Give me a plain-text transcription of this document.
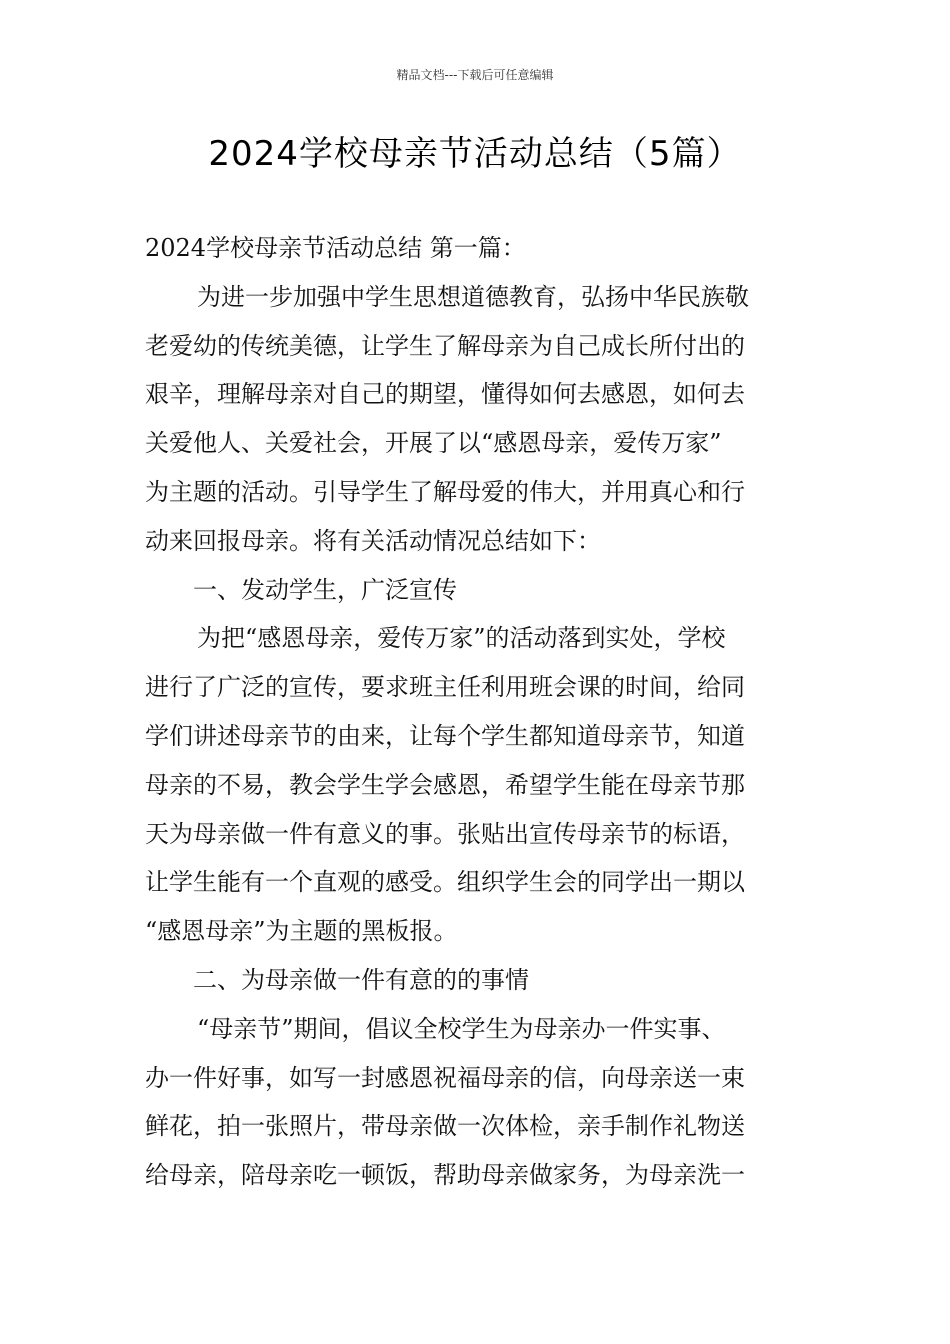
精品文档---下载后可任意编辑
2024学校母亲节活动总结（5篇）
2024学校母亲节活动总结 第一篇：
为进一步加强中学生思想道德教育，弘扬中华民族敬
老爱幼的传统美德，让学生了解母亲为自己成长所付出的
艰辛，理解母亲对自己的期望，懂得如何去感恩，如何去
关爱他人、关爱社会，开展了以“感恩母亲，爱传万家”
为主题的活动。引导学生了解母爱的伟大，并用真心和行
动来回报母亲。将有关活动情况总结如下：
一、发动学生，广泛宣传
为把“感恩母亲，爱传万家”的活动落到实处，学校
进行了广泛的宣传，要求班主任利用班会课的时间，给同
学们讲述母亲节的由来，让每个学生都知道母亲节，知道
母亲的不易，教会学生学会感恩，希望学生能在母亲节那
天为母亲做一件有意义的事。张贴出宣传母亲节的标语，
让学生能有一个直观的感受。组织学生会的同学出一期以
“感恩母亲”为主题的黑板报。
二、为母亲做一件有意的的事情
“母亲节”期间，倡议全校学生为母亲办一件实事、
办一件好事，如写一封感恩祝福母亲的信，向母亲送一束
鲜花，拍一张照片，带母亲做一次体检，亲手制作礼物送
给母亲，陪母亲吃一顿饭，帮助母亲做家务，为母亲洗一
